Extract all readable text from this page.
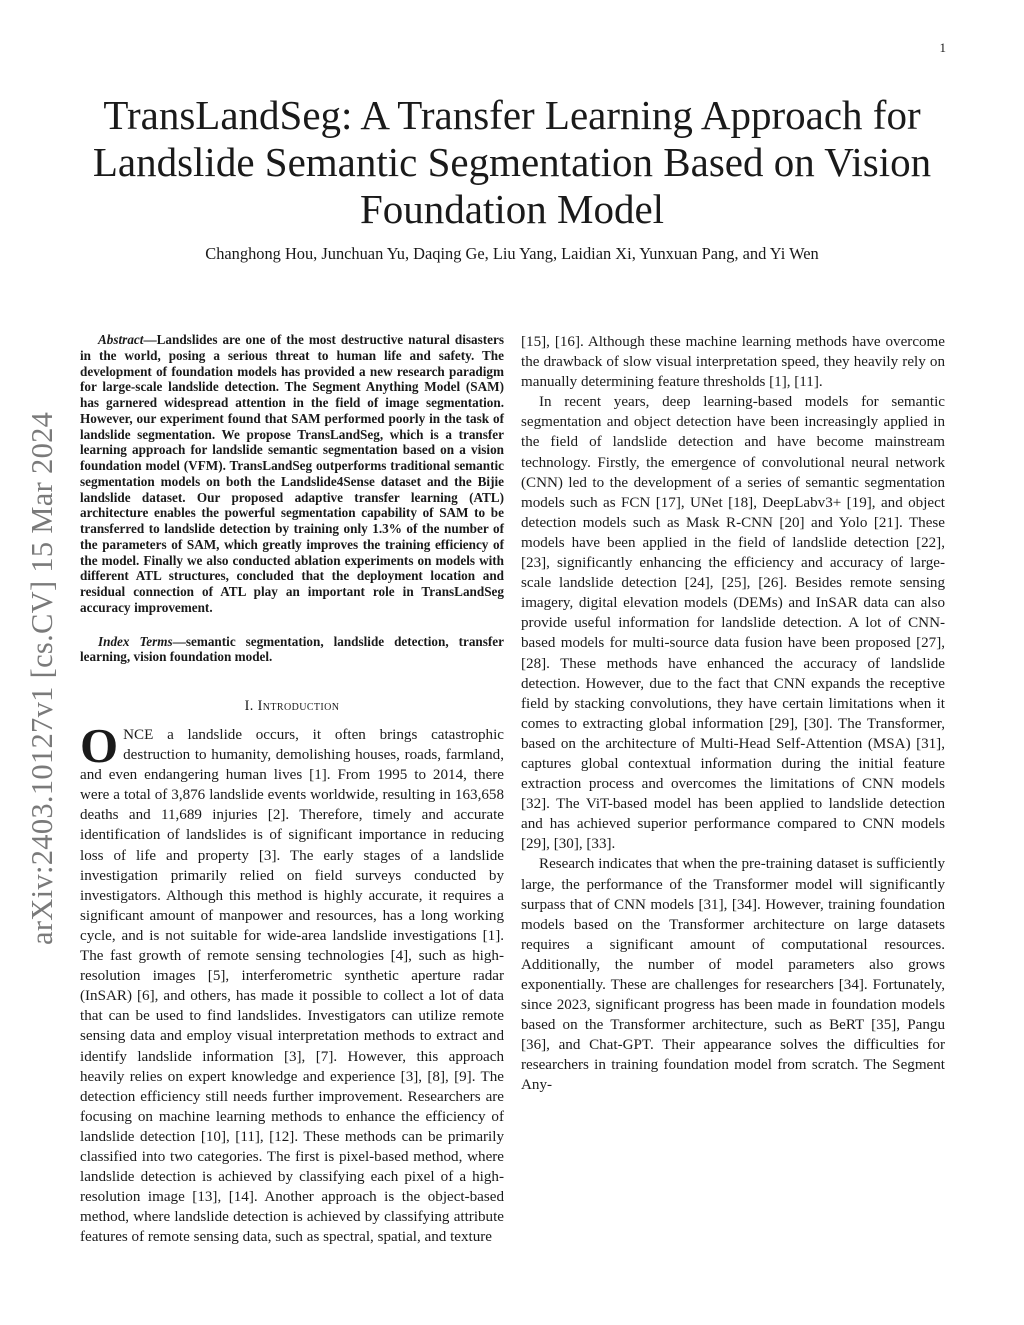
1
arXiv:2403.10127v1 [cs.CV] 15 Mar 2024
TransLandSeg: A Transfer Learning Approach for Landslide Semantic Segmentation Based on Vision Foundation Model

Changhong Hou, Junchuan Yu, Daqing Ge, Liu Yang, Laidian Xi, Yunxuan Pang, and Yi Wen

Abstract—Landslides are one of the most destructive natural disasters in the world, posing a serious threat to human life and safety. The development of foundation models has provided a new research paradigm for large-scale landslide detection. The Segment Anything Model (SAM) has garnered widespread attention in the field of image segmentation. However, our experiment found that SAM performed poorly in the task of landslide segmentation. We propose TransLandSeg, which is a transfer learning approach for landslide semantic segmentation based on a vision foundation model (VFM). TransLandSeg outperforms traditional semantic segmentation models on both the Landslide4Sense dataset and the Bijie landslide dataset. Our proposed adaptive transfer learning (ATL) architecture enables the powerful segmentation capability of SAM to be transferred to landslide detection by training only 1.3% of the number of the parameters of SAM, which greatly improves the training efficiency of the model. Finally we also conducted ablation experiments on models with different ATL structures, concluded that the deployment location and residual connection of ATL play an important role in TransLandSeg accuracy improvement.

Index Terms—semantic segmentation, landslide detection, transfer learning, vision foundation model.

I. Introduction

ONCE a landslide occurs, it often brings catastrophic destruction to humanity, demolishing houses, roads, farmland, and even endangering human lives [1]. From 1995 to 2014, there were a total of 3,876 landslide events worldwide, resulting in 163,658 deaths and 11,689 injuries [2]. Therefore, timely and accurate identification of landslides is of significant importance in reducing loss of life and property [3]. The early stages of a landslide investigation primarily relied on field surveys conducted by investigators. Although this method is highly accurate, it requires a significant amount of manpower and resources, has a long working cycle, and is not suitable for wide-area landslide investigations [1]. The fast growth of remote sensing technologies [4], such as high-resolution images [5], interferometric synthetic aperture radar (InSAR) [6], and others, has made it possible to collect a lot of data that can be used to find landslides. Investigators can utilize remote sensing data and employ visual interpretation methods to extract and identify landslide information [3], [7]. However, this approach heavily relies on expert knowledge and experience [3], [8], [9]. The detection efficiency still needs further improvement. Researchers are focusing on machine learning methods to enhance the efficiency of landslide detection [10], [11], [12]. These methods can be primarily classified into two categories. The first is pixel-based method, where landslide detection is achieved by classifying each pixel of a high-resolution image [13], [14]. Another approach is the object-based method, where landslide detection is achieved by classifying attribute features of remote sensing data, such as spectral, spatial, and texture

[15], [16]. Although these machine learning methods have overcome the drawback of slow visual interpretation speed, they heavily rely on manually determining feature thresholds [1], [11].

In recent years, deep learning-based models for semantic segmentation and object detection have been increasingly applied in the field of landslide detection and have become mainstream technology. Firstly, the emergence of convolutional neural network (CNN) led to the development of a series of semantic segmentation models such as FCN [17], UNet [18], DeepLabv3+ [19], and object detection models such as Mask R-CNN [20] and Yolo [21]. These models have been applied in the field of landslide detection [22], [23], significantly enhancing the efficiency and accuracy of large-scale landslide detection [24], [25], [26]. Besides remote sensing imagery, digital elevation models (DEMs) and InSAR data can also provide useful information for landslide detection. A lot of CNN-based models for multi-source data fusion have been proposed [27], [28]. These methods have enhanced the accuracy of landslide detection. However, due to the fact that CNN expands the receptive field by stacking convolutions, they have certain limitations when it comes to extracting global information [29], [30]. The Transformer, based on the architecture of Multi-Head Self-Attention (MSA) [31], captures global contextual information during the initial feature extraction process and overcomes the limitations of CNN models [32]. The ViT-based model has been applied to landslide detection and has achieved superior performance compared to CNN models [29], [30], [33].

Research indicates that when the pre-training dataset is sufficiently large, the performance of the Transformer model will significantly surpass that of CNN models [31], [34]. However, training foundation models based on the Transformer architecture on large datasets requires a significant amount of computational resources. Additionally, the number of model parameters also grows exponentially. These are challenges for researchers [34]. Fortunately, since 2023, significant progress has been made in foundation models based on the Transformer architecture, such as BeRT [35], Pangu [36], and Chat-GPT. Their appearance solves the difficulties for researchers in training foundation model from scratch. The Segment Any-
